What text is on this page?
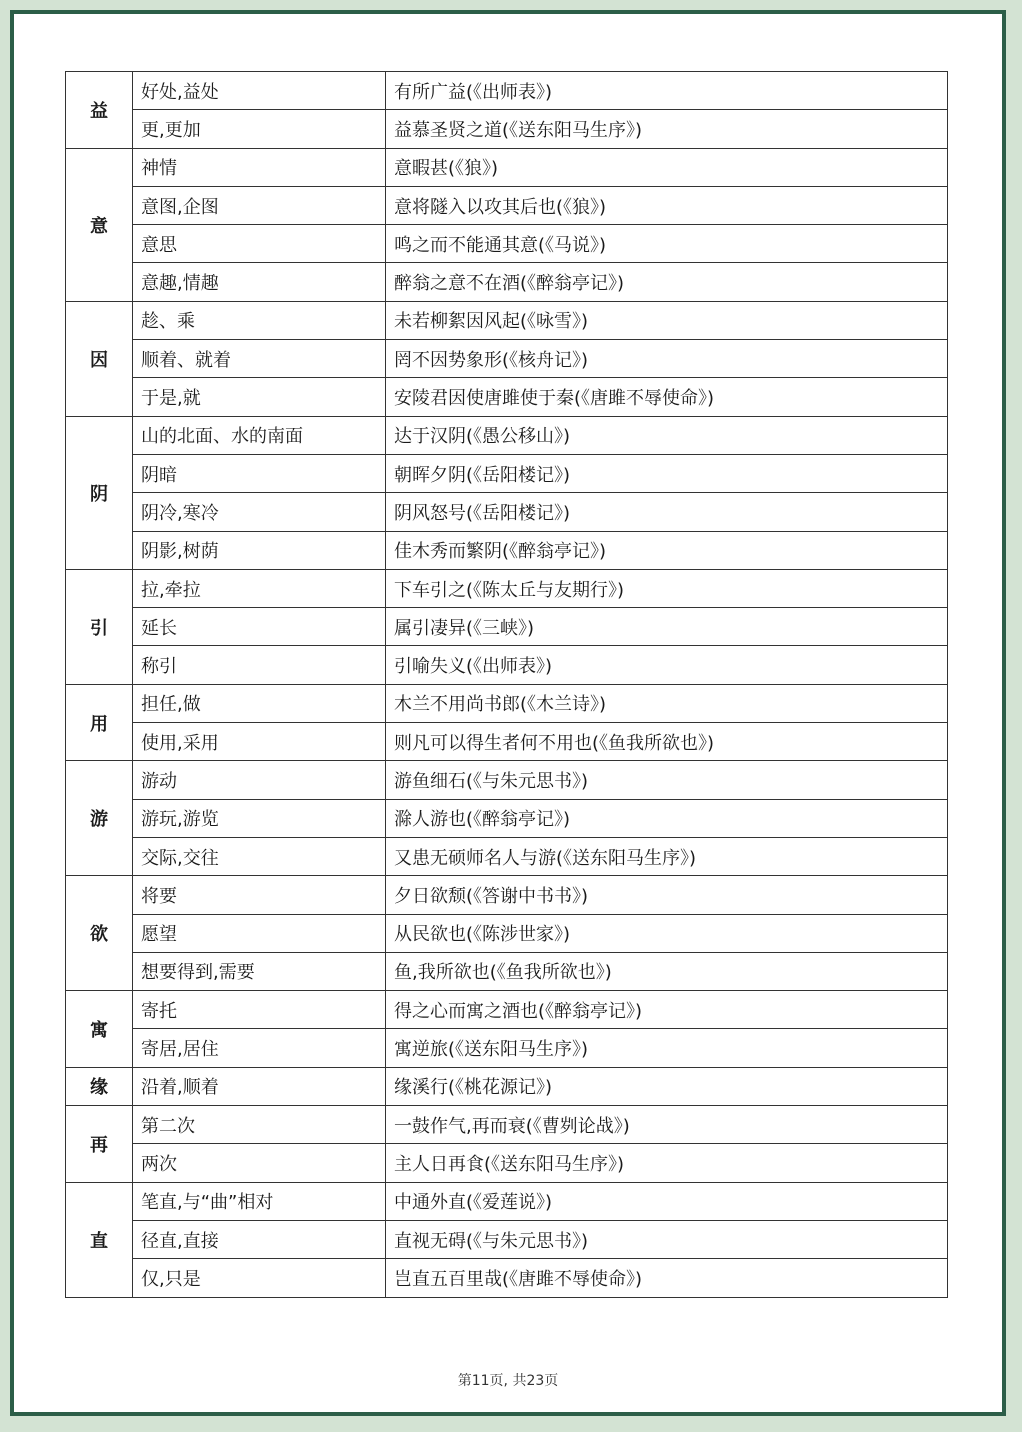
益	好处,益处	有所广益(《出师表》)
	更,更加	益慕圣贤之道(《送东阳马生序》)
意	神情	意暇甚(《狼》)
	意图,企图	意将隧入以攻其后也(《狼》)
	意思	鸣之而不能通其意(《马说》)
	意趣,情趣	醉翁之意不在酒(《醉翁亭记》)
因	趁、乘	未若柳絮因风起(《咏雪》)
	顺着、就着	罔不因势象形(《核舟记》)
	于是,就	安陵君因使唐雎使于秦(《唐雎不辱使命》)
阴	山的北面、水的南面	达于汉阴(《愚公移山》)
	阴暗	朝晖夕阴(《岳阳楼记》)
	阴冷,寒冷	阴风怒号(《岳阳楼记》)
	阴影,树荫	佳木秀而繁阴(《醉翁亭记》)
引	拉,牵拉	下车引之(《陈太丘与友期行》)
	延长	属引凄异(《三峡》)
	称引	引喻失义(《出师表》)
用	担任,做	木兰不用尚书郎(《木兰诗》)
	使用,采用	则凡可以得生者何不用也(《鱼我所欲也》)
游	游动	游鱼细石(《与朱元思书》)
	游玩,游览	滁人游也(《醉翁亭记》)
	交际,交往	又患无硕师名人与游(《送东阳马生序》)
欲	将要	夕日欲颓(《答谢中书书》)
	愿望	从民欲也(《陈涉世家》)
	想要得到,需要	鱼,我所欲也(《鱼我所欲也》)
寓	寄托	得之心而寓之酒也(《醉翁亭记》)
	寄居,居住	寓逆旅(《送东阳马生序》)
缘	沿着,顺着	缘溪行(《桃花源记》)
再	第二次	一鼓作气,再而衰(《曹刿论战》)
	两次	主人日再食(《送东阳马生序》)
直	笔直,与“曲”相对	中通外直(《爱莲说》)
	径直,直接	直视无碍(《与朱元思书》)
	仅,只是	岂直五百里哉(《唐雎不辱使命》)
第11页, 共23页
